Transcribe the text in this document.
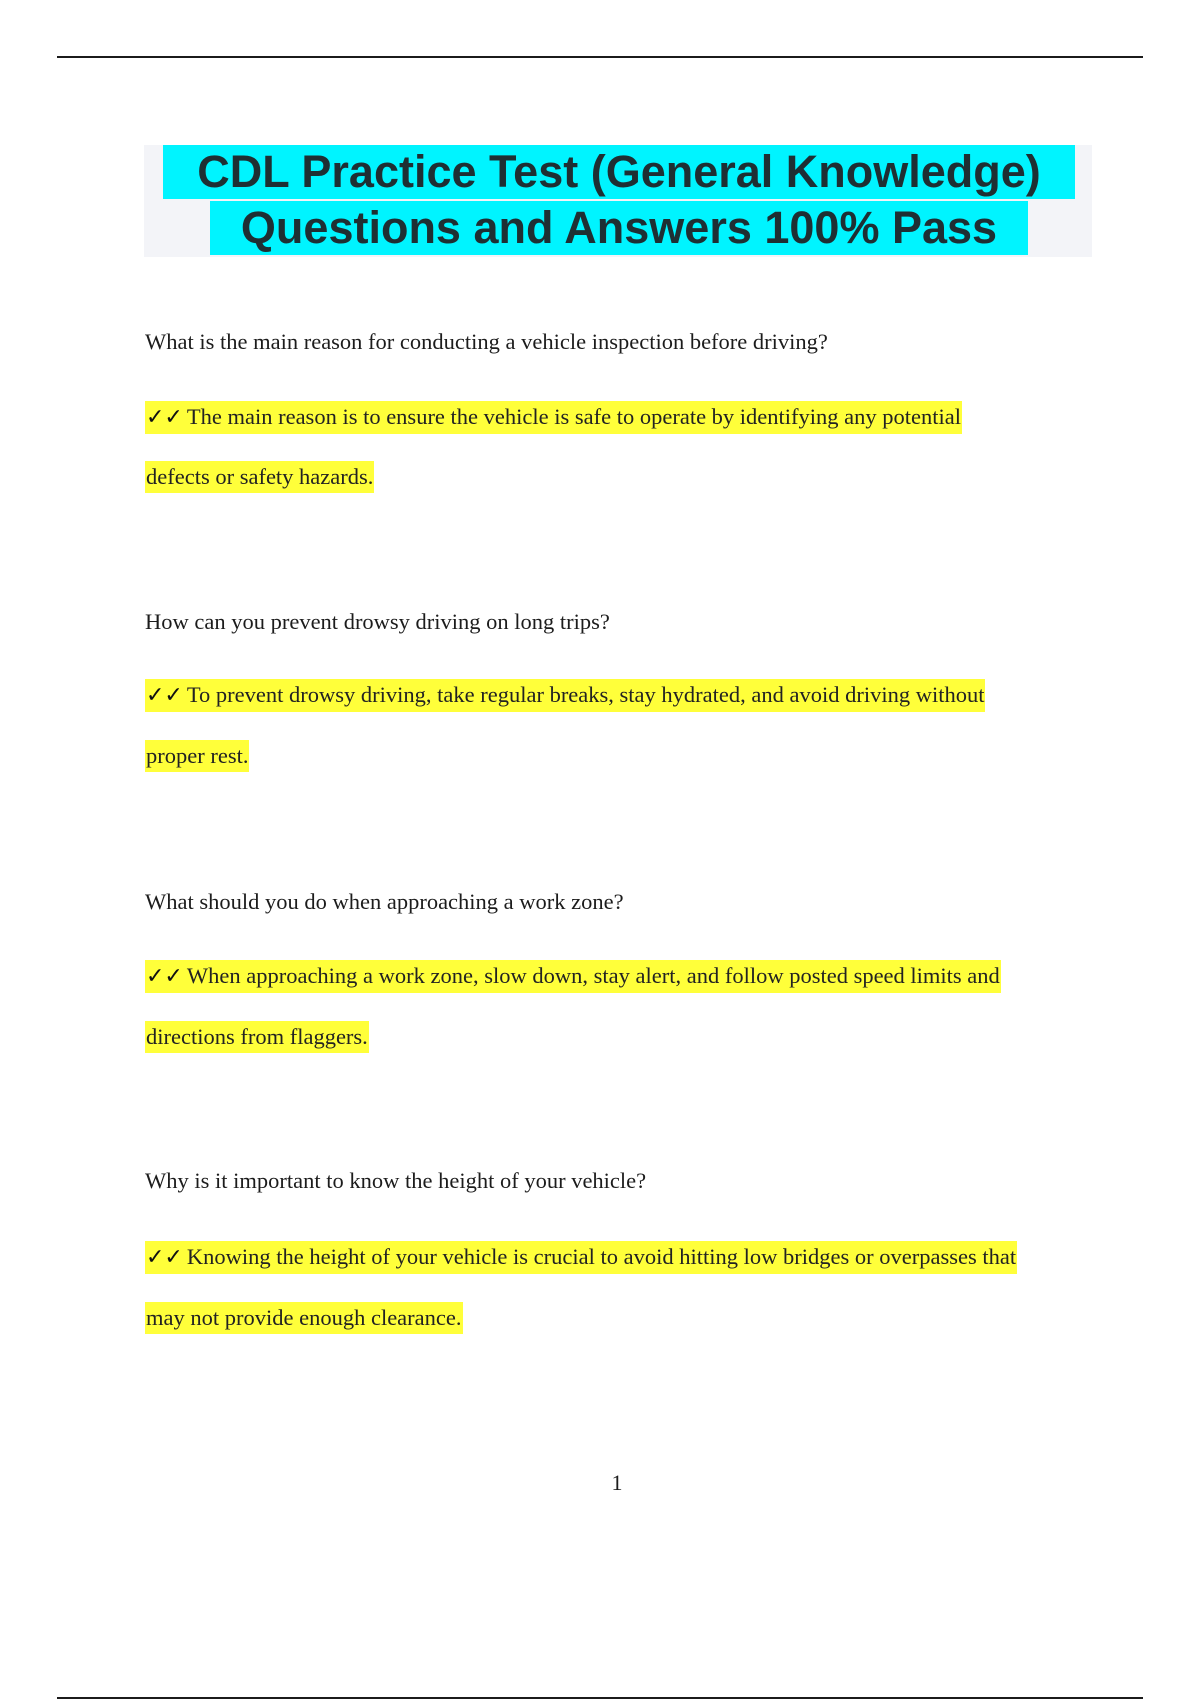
CDL Practice Test (General Knowledge)
Questions and Answers 100% Pass

What is the main reason for conducting a vehicle inspection before driving?

✓✓ The main reason is to ensure the vehicle is safe to operate by identifying any potential
defects or safety hazards.

How can you prevent drowsy driving on long trips?

✓✓ To prevent drowsy driving, take regular breaks, stay hydrated, and avoid driving without
proper rest.

What should you do when approaching a work zone?

✓✓ When approaching a work zone, slow down, stay alert, and follow posted speed limits and
directions from flaggers.

Why is it important to know the height of your vehicle?

✓✓ Knowing the height of your vehicle is crucial to avoid hitting low bridges or overpasses that
may not provide enough clearance.
1
